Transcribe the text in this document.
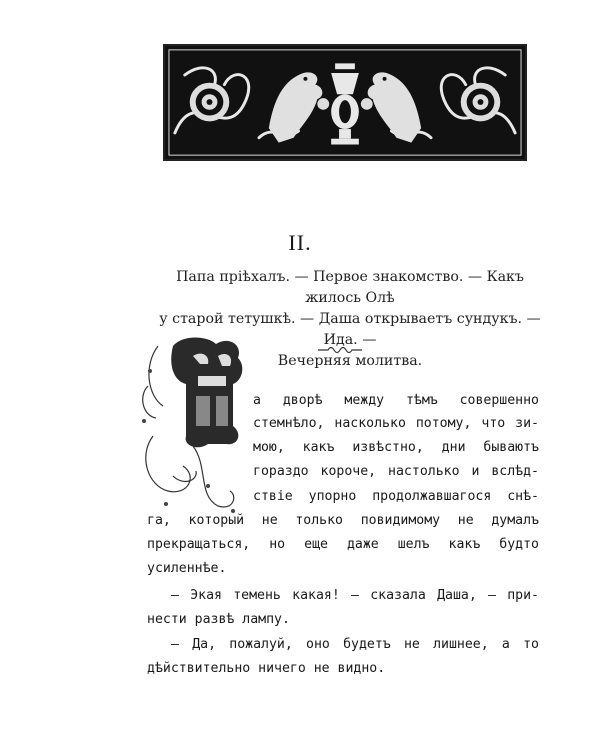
II.
Папа прiѣхалъ. — Первое знакомство. — Какъ жилось Олѣ
у старой тетушкѣ. — Даша открываетъ сундукъ. — Ида. —
Вечерняя молитва.
а дворѣ между тѣмъ совершенно
стемнѣло, насколько потому, что зи-
мою, какъ извѣстно, дни бываютъ
гораздо короче, настолько и вслѣд-
ствiе упорно продолжавшагося снѣ-
га, который не только повидимому не думалъ
прекращаться, но еще даже шелъ какъ будто
усиленнѣе.
— Экая темень какая! — сказала Даша, — при-
нести развѣ лампу.
— Да, пожалуй, оно будетъ не лишнее, а то
дѣйствительно ничего не видно.
